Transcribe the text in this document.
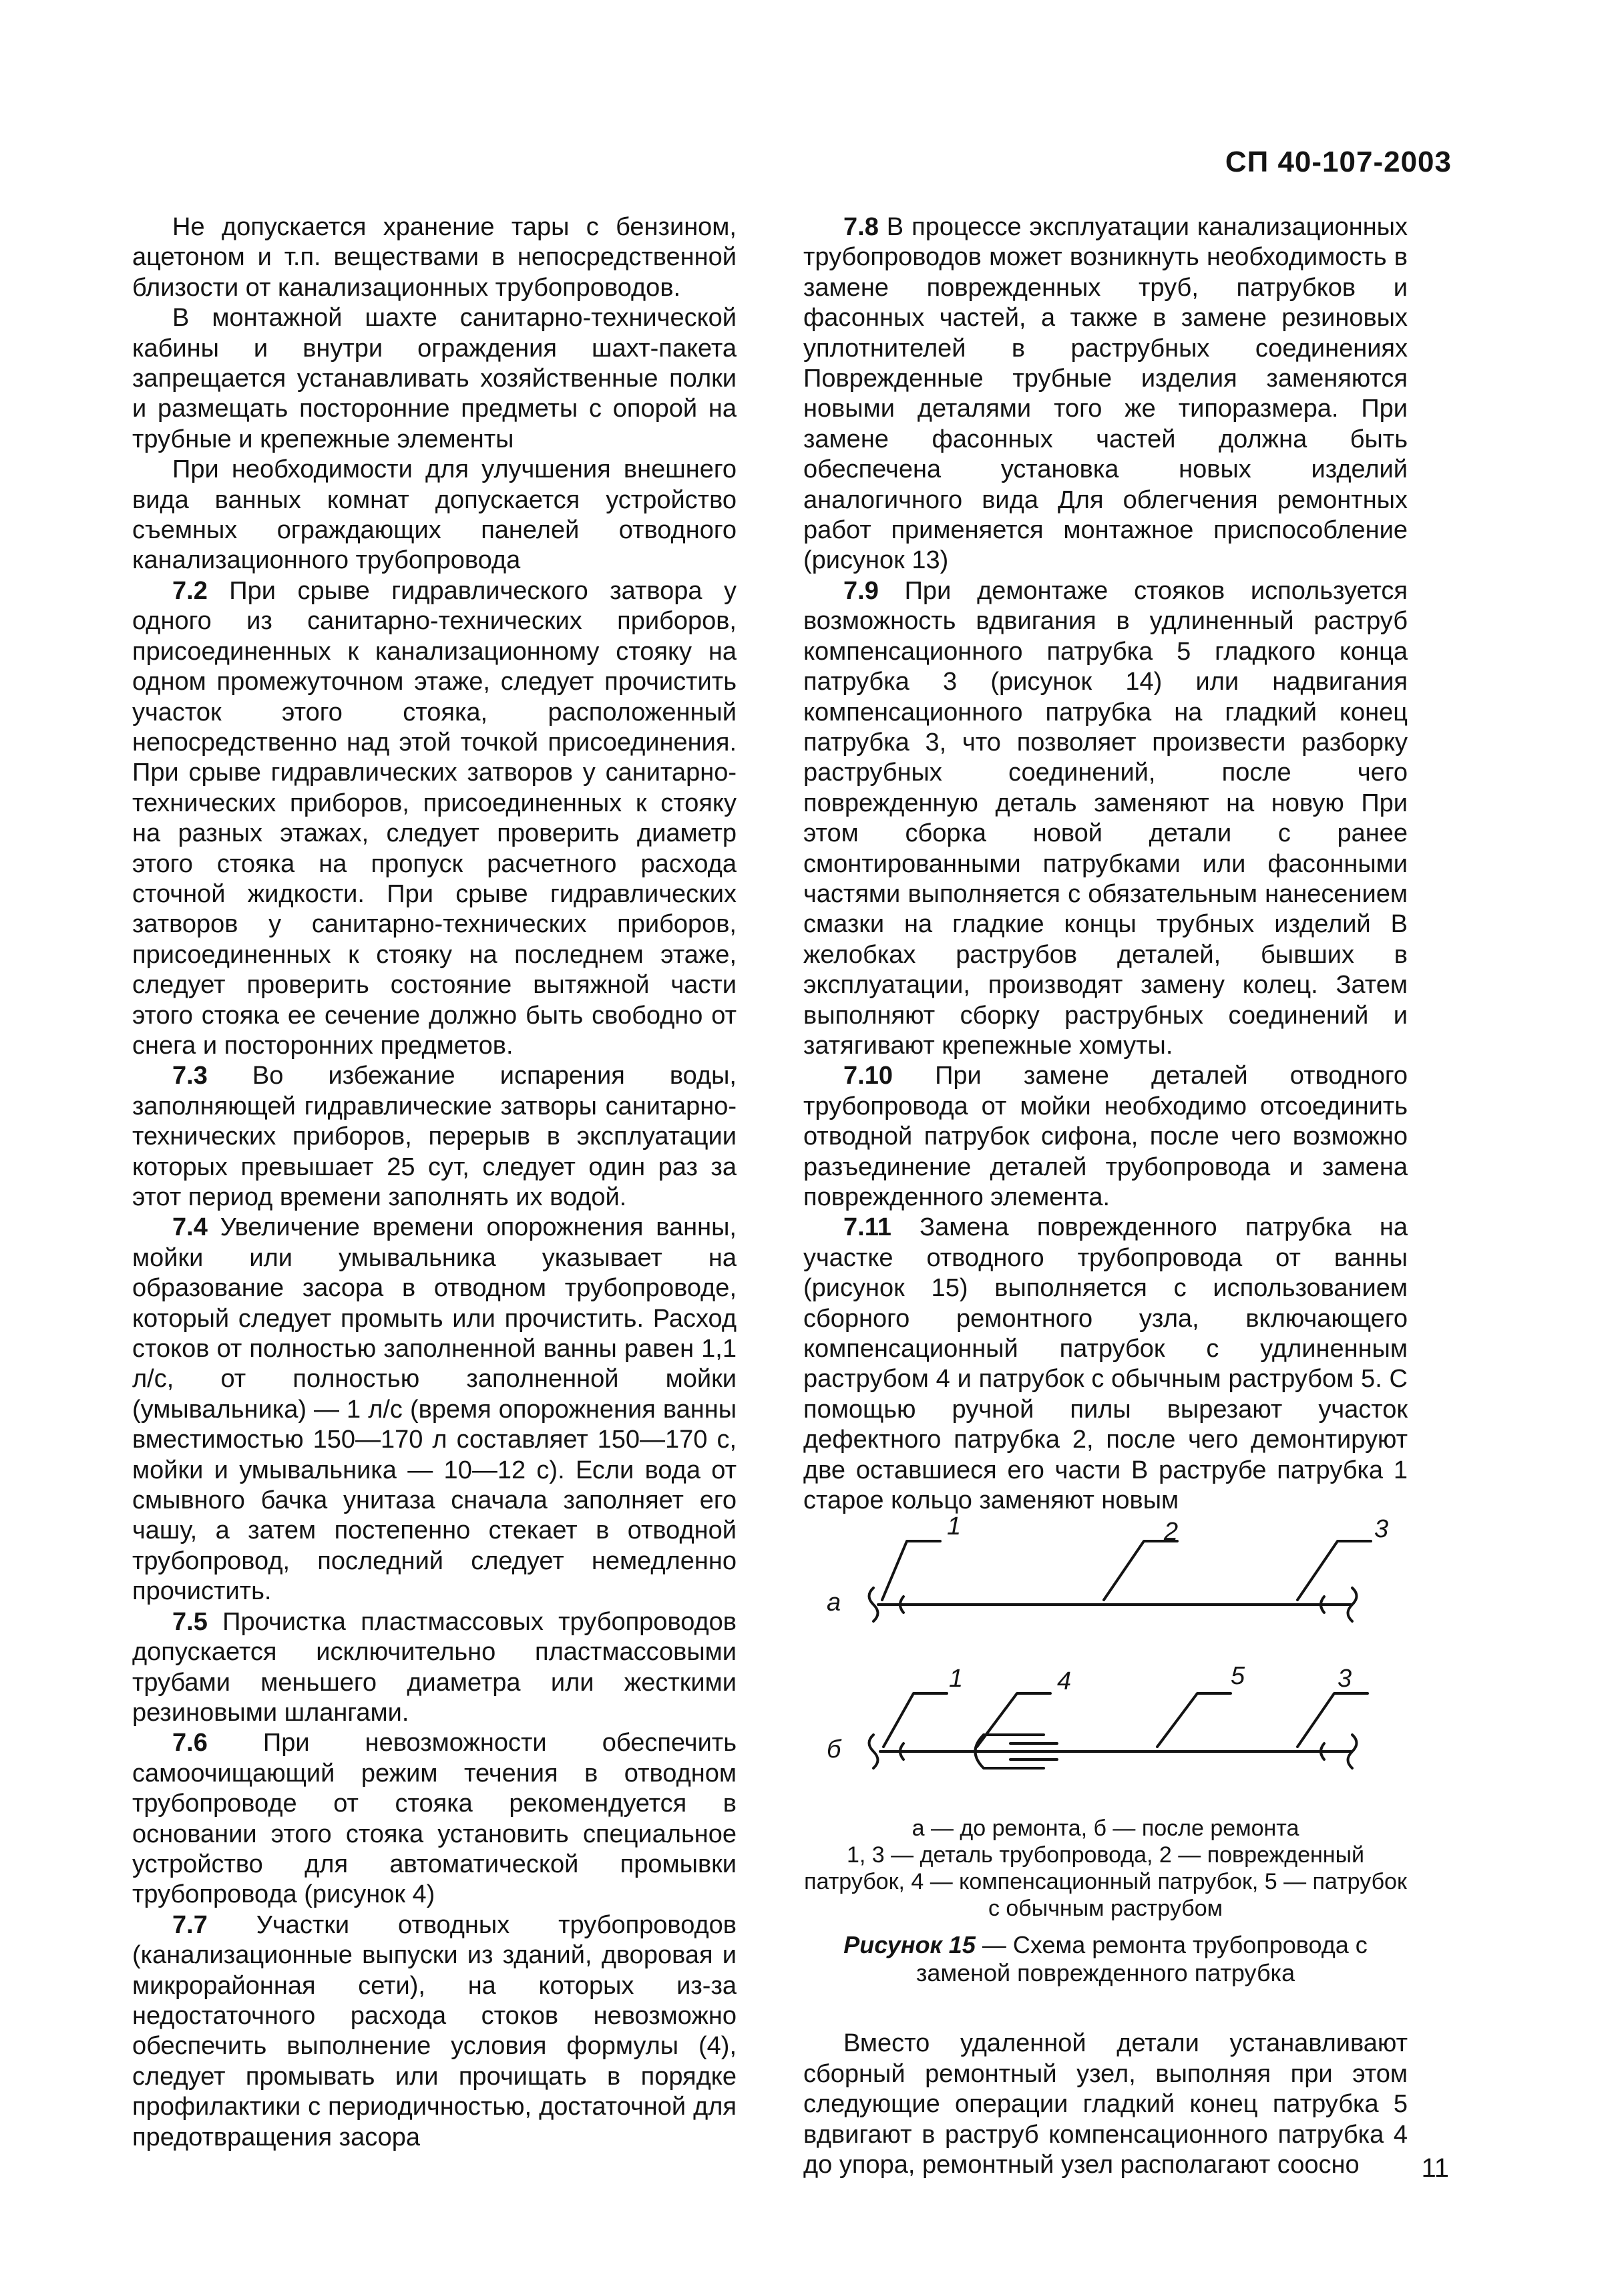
СП 40-107-2003

Не допускается хранение тары с бензином, ацетоном и т.п. веществами в непосредственной близости от канализационных трубопроводов.

В монтажной шахте санитарно-технической кабины и внутри ограждения шахт-пакета запрещается устанавливать хозяйственные полки и размещать посторонние предметы с опорой на трубные и крепежные элементы

При необходимости для улучшения внешнего вида ванных комнат допускается устройство съемных ограждающих панелей отводного канализационного трубопровода

7.2 При срыве гидравлического затвора у одного из санитарно-технических приборов, присоединенных к канализационному стояку на одном промежуточном этаже, следует прочистить участок этого стояка, расположенный непосредственно над этой точкой присоединения. При срыве гидравлических затворов у санитарно-технических приборов, присоединенных к стояку на разных этажах, следует проверить диаметр этого стояка на пропуск расчетного расхода сточной жидкости. При срыве гидравлических затворов у санитарно-технических приборов, присоединенных к стояку на последнем этаже, следует проверить состояние вытяжной части этого стояка ее сечение должно быть свободно от снега и посторонних предметов.

7.3 Во избежание испарения воды, заполняющей гидравлические затворы санитарно-технических приборов, перерыв в эксплуатации которых превышает 25 сут, следует один раз за этот период времени заполнять их водой.

7.4 Увеличение времени опорожнения ванны, мойки или умывальника указывает на образование засора в отводном трубопроводе, который следует промыть или прочистить. Расход стоков от полностью заполненной ванны равен 1,1 л/с, от полностью заполненной мойки (умывальника) — 1 л/с (время опорожнения ванны вместимостью 150—170 л составляет 150—170 с, мойки и умывальника — 10—12 с). Если вода от смывного бачка унитаза сначала заполняет его чашу, а затем постепенно стекает в отводной трубопровод, последний следует немедленно прочистить.

7.5 Прочистка пластмассовых трубопроводов допускается исключительно пластмассовыми трубами меньшего диаметра или жесткими резиновыми шлангами.

7.6 При невозможности обеспечить самоочищающий режим течения в отводном трубопроводе от стояка рекомендуется в основании этого стояка установить специальное устройство для автоматической промывки трубопровода (рисунок 4)

7.7 Участки отводных трубопроводов (канализационные выпуски из зданий, дворовая и микрорайонная сети), на которых из-за недостаточного расхода стоков невозможно обеспечить выполнение условия формулы (4), следует промывать или прочищать в порядке профилактики с периодичностью, достаточной для предотвращения засора

7.8 В процессе эксплуатации канализационных трубопроводов может возникнуть необходимость в замене поврежденных труб, патрубков и фасонных частей, а также в замене резиновых уплотнителей в раструбных соединениях Поврежденные трубные изделия заменяются новыми деталями того же типоразмера. При замене фасонных частей должна быть обеспечена установка новых изделий аналогичного вида Для облегчения ремонтных работ применяется монтажное приспособление (рисунок 13)

7.9 При демонтаже стояков используется возможность вдвигания в удлиненный раструб компенсационного патрубка 5 гладкого конца патрубка 3 (рисунок 14) или надвигания компенсационного патрубка на гладкий конец патрубка 3, что позволяет произвести разборку раструбных соединений, после чего поврежденную деталь заменяют на новую При этом сборка новой детали с ранее смонтированными патрубками или фасонными частями выполняется с обязательным нанесением смазки на гладкие концы трубных изделий В желобках раструбов деталей, бывших в эксплуатации, производят замену колец. Затем выполняют сборку раструбных соединений и затягивают крепежные хомуты.

7.10 При замене деталей отводного трубопровода от мойки необходимо отсоединить отводной патрубок сифона, после чего возможно разъединение деталей трубопровода и замена поврежденного элемента.

7.11 Замена поврежденного патрубка на участке отводного трубопровода от ванны (рисунок 15) выполняется с использованием сборного ремонтного узла, включающего компенсационный патрубок с удлиненным раструбом 4 и патрубок с обычным раструбом 5. С помощью ручной пилы вырезают участок дефектного патрубка 2, после чего демонтируют две оставшиеся его части В раструбе патрубка 1 старое кольцо заменяют новым

а
б
1	2	3
1	4	5	3
а — до ремонта, б — после ремонта
1, 3 — деталь трубопровода, 2 — поврежденный патрубок, 4 — компенсационный патрубок, 5 — патрубок с обычным раструбом
Рисунок 15 — Схема ремонта трубопровода с заменой поврежденного патрубка

Вместо удаленной детали устанавливают сборный ремонтный узел, выполняя при этом следующие операции гладкий конец патрубка 5 вдвигают в раструб компенсационного патрубка 4 до упора, ремонтный узел располагают соосно	11
